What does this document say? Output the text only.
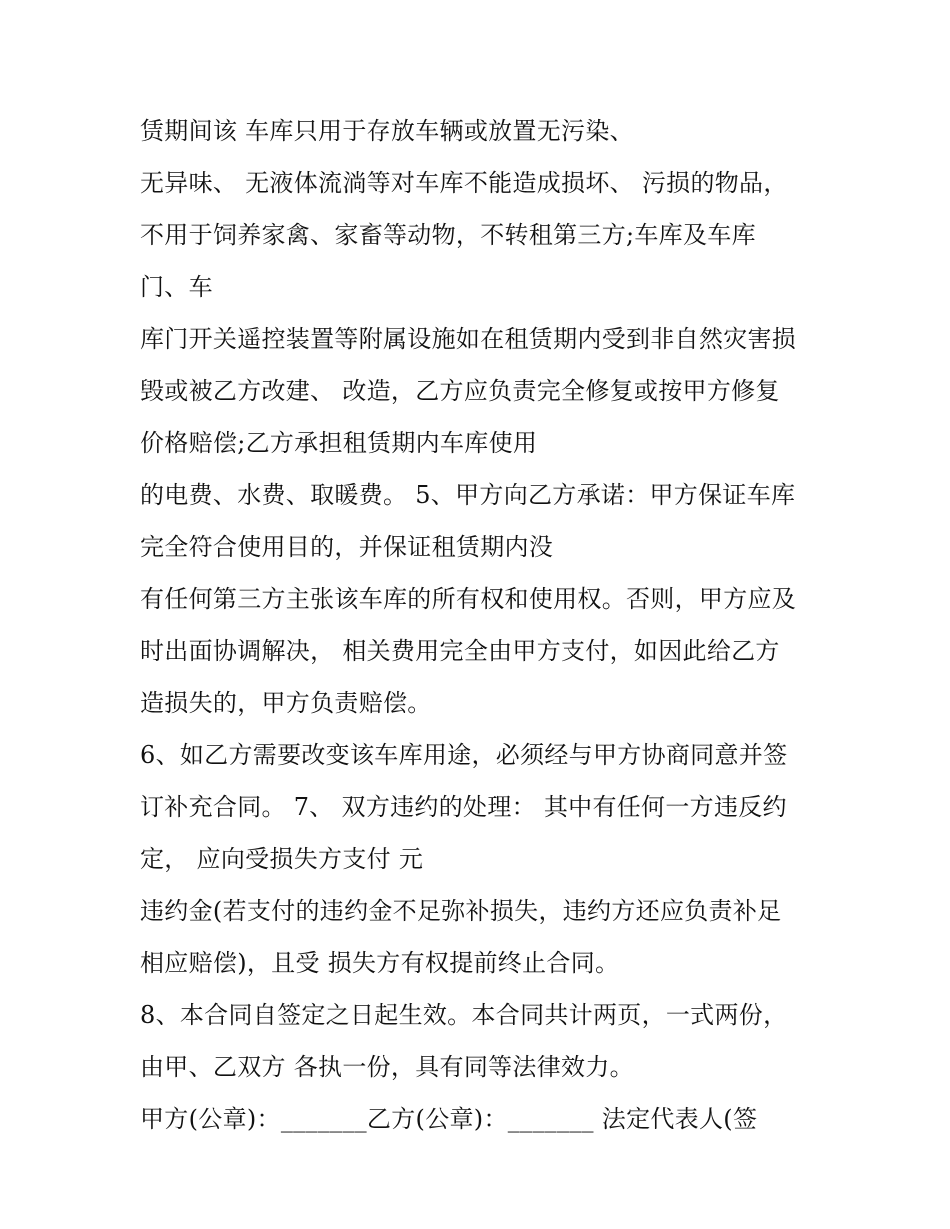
赁期间该 车库只用于存放车辆或放置无污染、
无异味、 无液体流淌等对车库不能造成损坏、 污损的物品，
不用于饲养家禽、家畜等动物，不转租第三方;车库及车库
门、车
库门开关遥控装置等附属设施如在租赁期内受到非自然灾害损
毁或被乙方改建、 改造，乙方应负责完全修复或按甲方修复
价格赔偿;乙方承担租赁期内车库使用
的电费、水费、取暖费。 5、甲方向乙方承诺：甲方保证车库
完全符合使用目的，并保证租赁期内没
有任何第三方主张该车库的所有权和使用权。否则，甲方应及
时出面协调解决， 相关费用完全由甲方支付，如因此给乙方
造损失的，甲方负责赔偿。
6、如乙方需要改变该车库用途，必须经与甲方协商同意并签
订补充合同。 7、 双方违约的处理： 其中有任何一方违反约
定， 应向受损失方支付 元
违约金(若支付的违约金不足弥补损失，违约方还应负责补足
相应赔偿)，且受 损失方有权提前终止合同。
8、本合同自签定之日起生效。本合同共计两页，一式两份，
由甲、乙双方 各执一份，具有同等法律效力。
甲方(公章)：_______乙方(公章)：_______ 法定代表人(签
